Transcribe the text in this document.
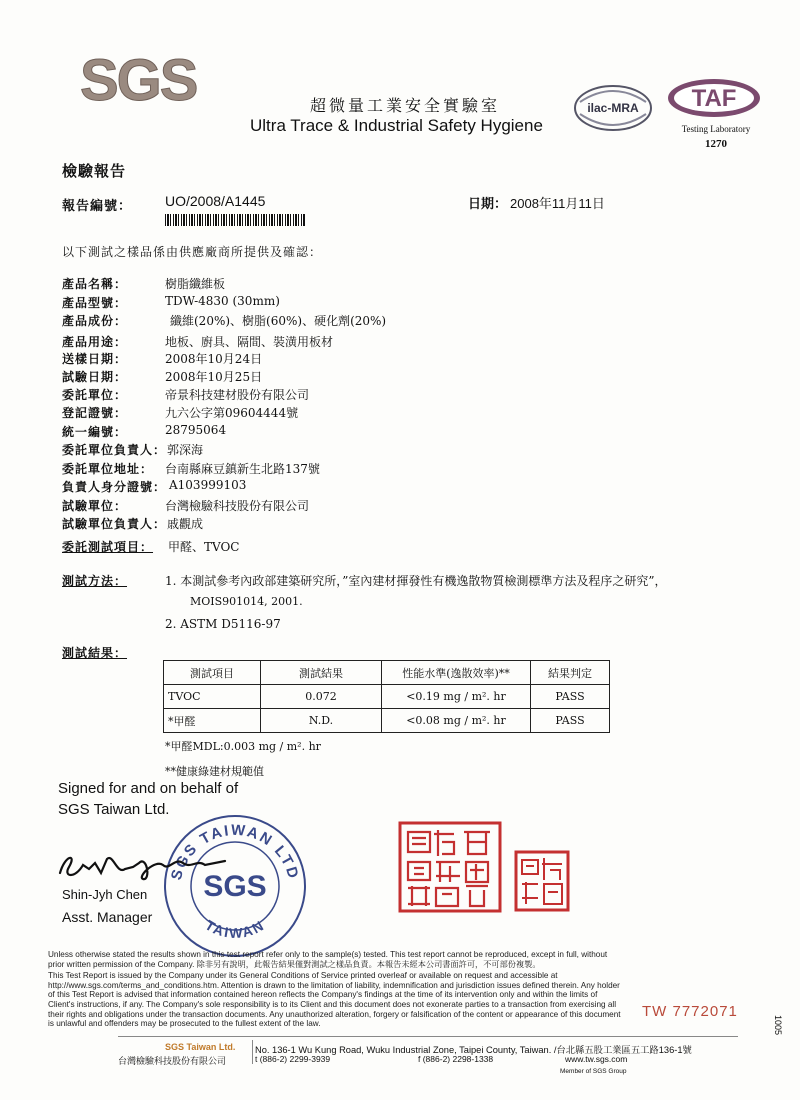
SGS	超微量工業安全實驗室
Ultra Trace & Industrial Safety Hygiene
ilac-MRA TAF
Testing Laboratory
1270
檢驗報告
報告編號： UO/2008/A1445	日期： 2008年11月11日
以下測試之樣品係由供應廠商所提供及確認：
產品名稱：	樹脂纖維板
產品型號：	TDW-4830 (30mm)
產品成份：	纖維(20%)、樹脂(60%)、硬化劑(20%)
產品用途：	地板、廚具、隔間、裝潢用板材
送樣日期：	2008年10月24日
試驗日期：	2008年10月25日
委託單位：	帝景科技建材股份有限公司
登記證號：	九六公字第09604444號
統一編號：	28795064
委託單位負責人： 郭深海
委託單位地址： 台南縣麻豆鎮新生北路137號
負責人身分證號： A103999103
試驗單位：	台灣檢驗科技股份有限公司
試驗單位負責人： 戚觀成
委託測試項目： 甲醛、TVOC
測試方法：	1. 本測試參考內政部建築研究所，”室內建材揮發性有機逸散物質檢測標準方法及程序之研究”，
MOIS901014, 2001.
2. ASTM D5116-97
測試結果：
測試項目	測試結果	性能水準(逸散效率)**	結果判定
TVOC	0.072	<0.19 mg / m². hr	PASS
*甲醛	N.D.	<0.08 mg / m². hr	PASS
*甲醛MDL:0.003 mg / m². hr
**健康綠建材規範值
Signed for and on behalf of
SGS Taiwan Ltd.
SGS TAIWAN LTD
SGS
TAIWAN
Shin-Jyh Chen
Asst. Manager

Unless otherwise stated the results shown in this test report refer only to the sample(s) tested. This test report cannot be reproduced, except in full, without prior written permission of the Company. 除非另有說明，此報告結果僅對測試之樣品負責。本報告未經本公司書面許可，不可部份複製。

This Test Report is issued by the Company under its General Conditions of Service printed overleaf or available on request and accessible at http://www.sgs.com/terms_and_conditions.htm. Attention is drawn to the limitation of liability, indemnification and jurisdiction issues defined therein. Any holder of this Test Report is advised that information contained hereon reflects the Company's findings at the time of its intervention only and within the limits of Client's instructions, if any. The Company's sole responsibility is to its Client and this document does not exonerate parties to a transaction from exercising all their rights and obligations under the transaction documents. Any unauthorized alteration, forgery or falsification of the content or appearance of this document is unlawful and offenders may be prosecuted to the fullest extent of the law.

TW 7772071
1005
SGS Taiwan Ltd.
台灣檢驗科技股份有限公司
No. 136-1 Wu Kung Road, Wuku Industrial Zone, Taipei County, Taiwan. /台北縣五股工業區五工路136-1號
t (886-2) 2299-3939	f (886-2) 2298-1338	www.tw.sgs.com
Member of SGS Group
